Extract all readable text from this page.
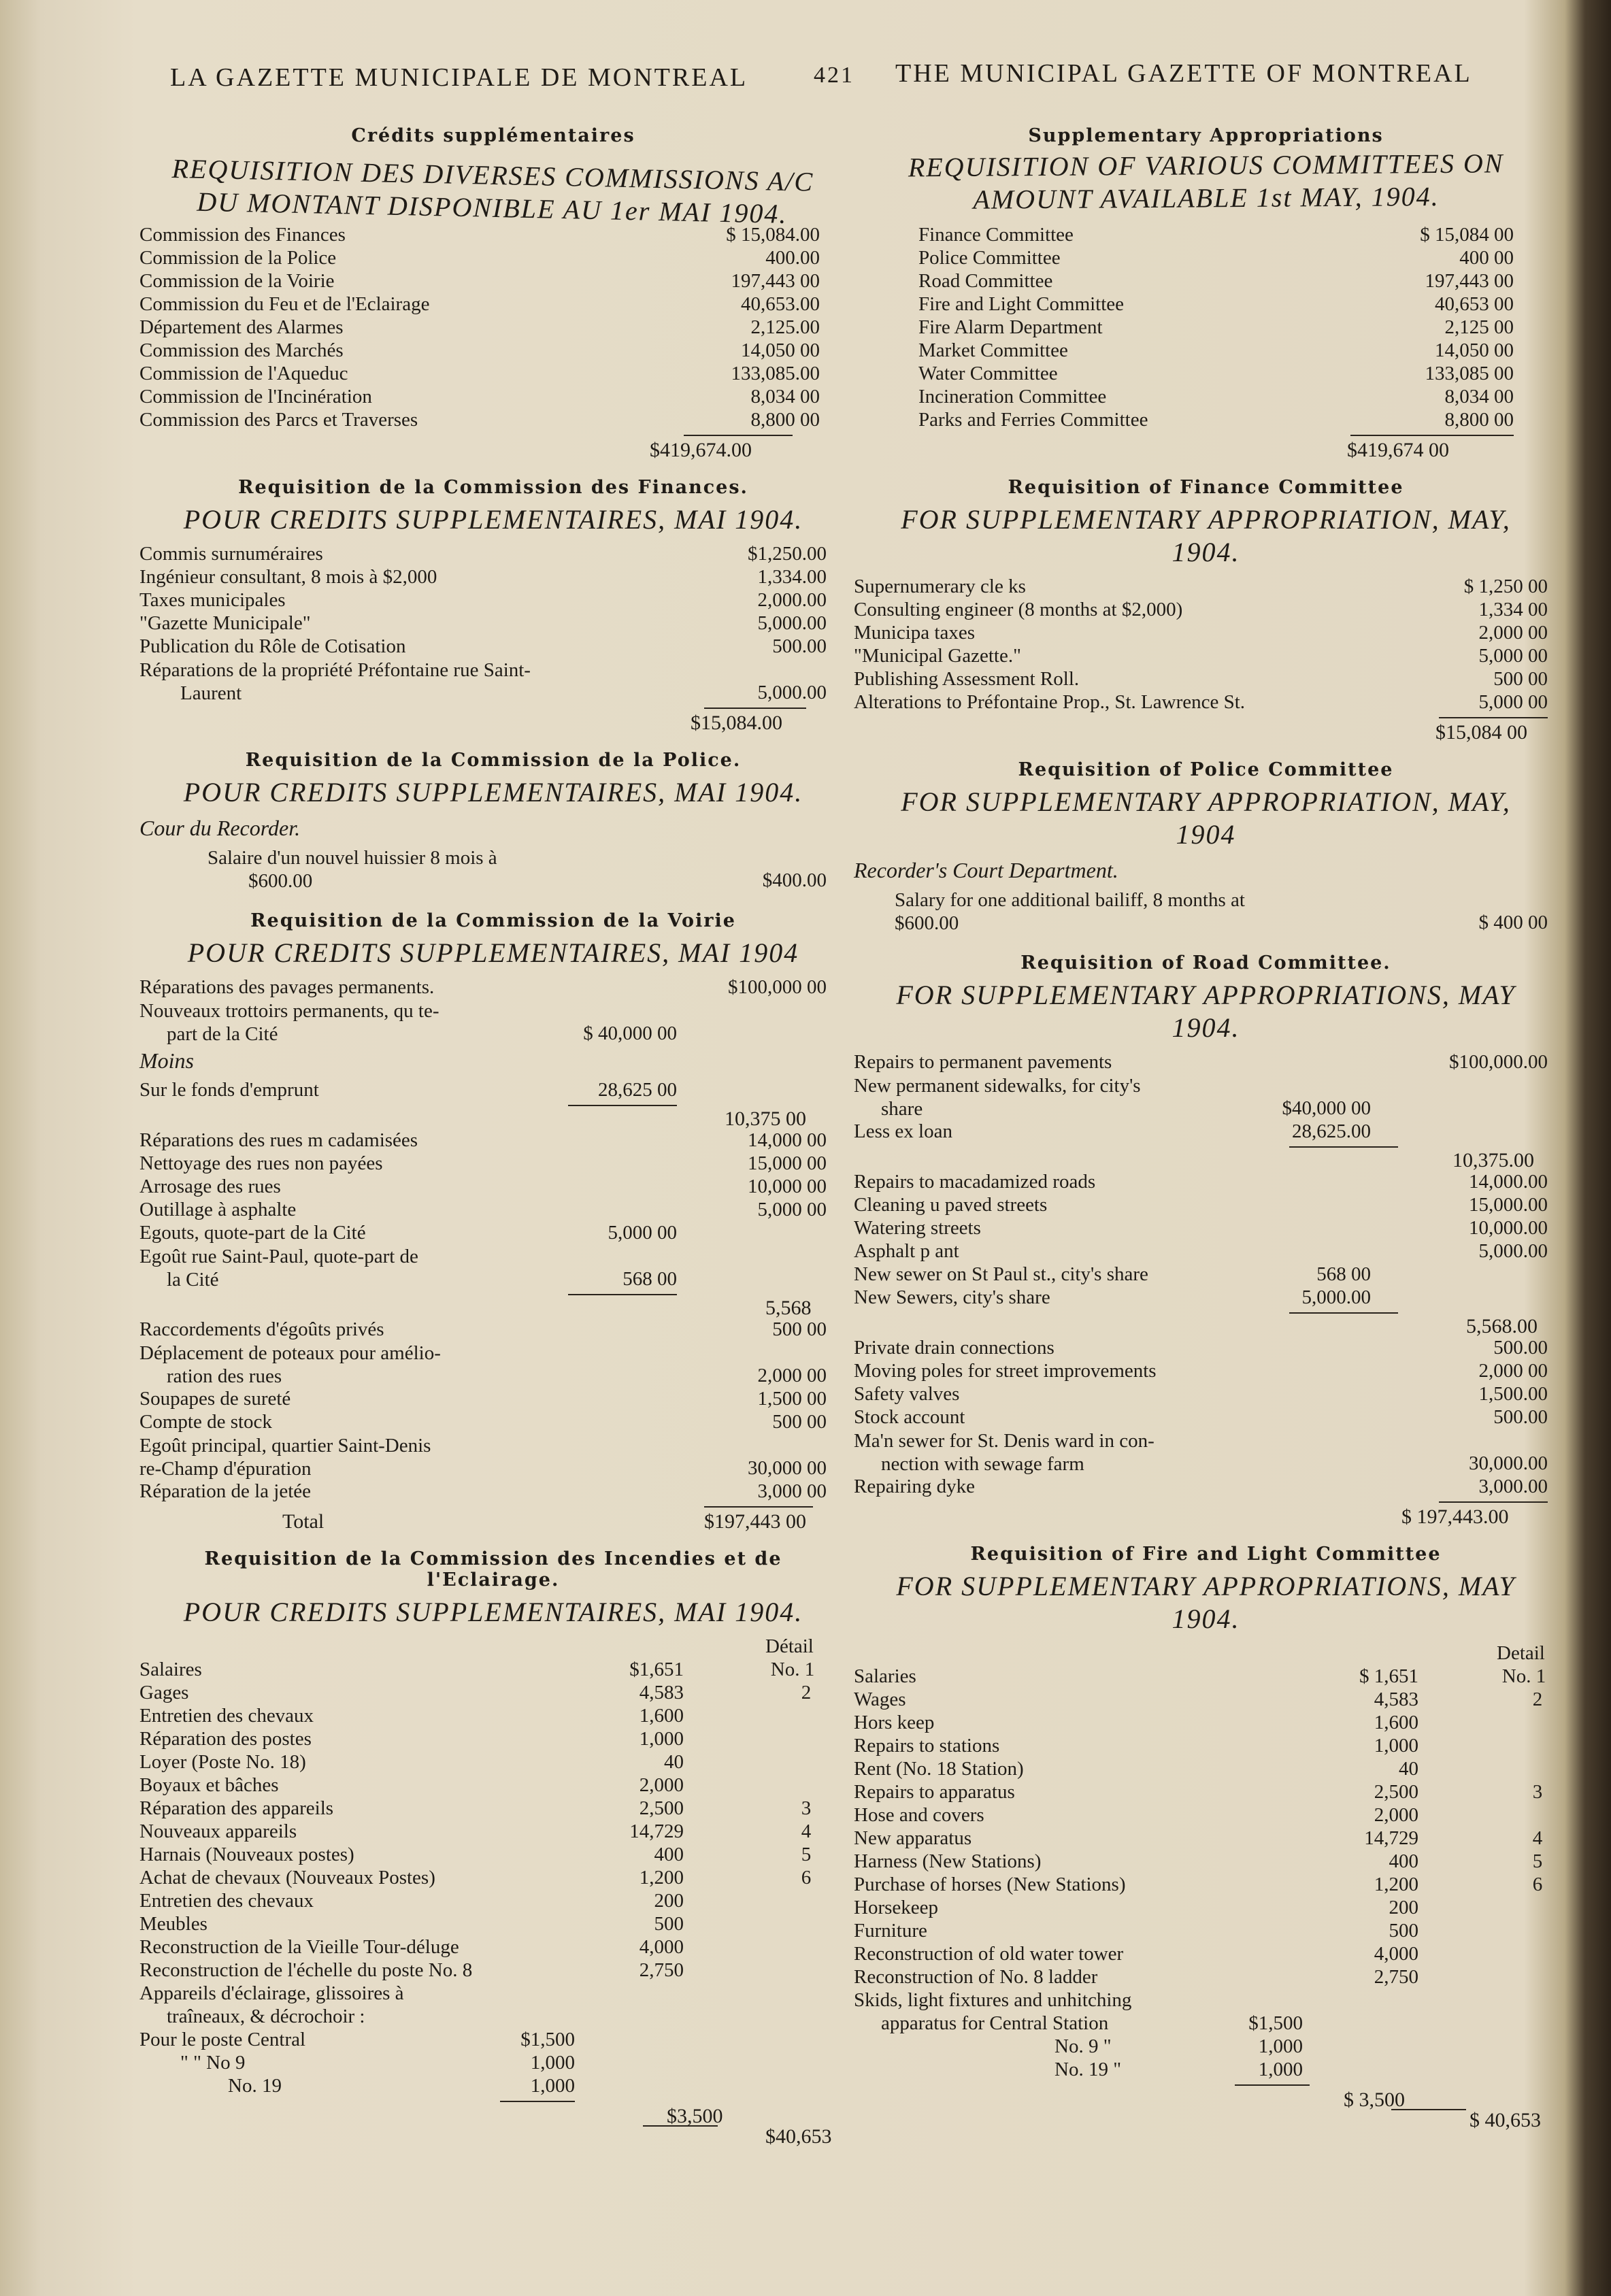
LA GAZETTE MUNICIPALE DE MONTREAL	421 THE MUNICIPAL GAZETTE OF MONTREAL
Crédits supplémentaires
REQUISITION DES DIVERSES COMMISSIONS A/C DU MONTANT DISPONIBLE AU 1er MAI 1904.
Commission des Finances	$ 15,084.00
Commission de la Police	400.00
Commission de la Voirie	197,443 00
Commission du Feu et de l'Eclairage	40,653.00
Département des Alarmes	2,125.00
Commission des Marchés	14,050 00
Commission de l'Aqueduc	133,085.00
Commission de l'Incinération	8,034 00
Commission des Parcs et Traverses	8,800 00
$419,674.00
Requisition de la Commission des Finances.
POUR CREDITS SUPPLEMENTAIRES, MAI 1904.
Commis surnuméraires	$1,250.00
Ingénieur consultant, 8 mois à $2,000	1,334.00
Taxes municipales	2,000.00
"Gazette Municipale"	5,000.00
Publication du Rôle de Cotisation	500.00
Réparations de la propriété Préfontaine rue Saint-
Laurent	5,000.00
$15,084.00
Requisition de la Commission de la Police.
POUR CREDITS SUPPLEMENTAIRES, MAI 1904.
Cour du Recorder.
Salaire d'un nouvel huissier 8 mois à
$600.00	$400.00
Requisition de la Commission de la Voirie
POUR CREDITS SUPPLEMENTAIRES, MAI 1904
Réparations des pavages permanents.	$100,000 00
Nouveaux trottoirs permanents, qu te-
part de la Cité	$ 40,000 00
Moins
Sur le fonds d'emprunt	28,625 00
10,375 00
Réparations des rues m cadamisées	14,000 00
Nettoyage des rues non payées	15,000 00
Arrosage des rues	10,000 00
Outillage à asphalte	5,000 00
Egouts, quote-part de la Cité	5,000 00
Egoût rue Saint-Paul, quote-part de
la Cité	568 00
5,568
Raccordements d'égoûts privés	500 00
Déplacement de poteaux pour amélio-
ration des rues	2,000 00
Soupapes de sureté	1,500 00
Compte de stock	500 00
Egoût principal, quartier Saint-Denis
re-Champ d'épuration	30,000 00
Réparation de la jetée	3,000 00
Total	$197,443 00
Requisition de la Commission des Incendies et de l'Eclairage.
POUR CREDITS SUPPLEMENTAIRES, MAI 1904.
Détail
Salaires	$1,651	No. 1
Gages	4,583	2
Entretien des chevaux	1,600
Réparation des postes	1,000
Loyer (Poste No. 18)	40
Boyaux et bâches	2,000
Réparation des appareils	2,500	3
Nouveaux appareils	14,729	4
Harnais (Nouveaux postes)	400	5
Achat de chevaux (Nouveaux Postes)	1,200	6
Entretien des chevaux	200
Meubles	500
Reconstruction de la Vieille Tour-déluge	4,000
Reconstruction de l'échelle du poste No. 8	2,750
Appareils d'éclairage, glissoires à
traîneaux, & décrochoir :
Pour le poste Central	$1,500
" " No 9	1,000
No. 19	1,000
$3,500
$40,653
Supplementary Appropriations
REQUISITION OF VARIOUS COMMITTEES ON AMOUNT AVAILABLE 1st MAY, 1904.
Finance Committee	$ 15,084 00
Police Committee	400 00
Road Committee	197,443 00
Fire and Light Committee	40,653 00
Fire Alarm Department	2,125 00
Market Committee	14,050 00
Water Committee	133,085 00
Incineration Committee	8,034 00
Parks and Ferries Committee	8,800 00
$419,674 00
Requisition of Finance Committee
FOR SUPPLEMENTARY APPROPRIATION, MAY, 1904.
Supernumerary cle ks	$ 1,250 00
Consulting engineer (8 months at $2,000)	1,334 00
Municipa taxes	2,000 00
"Municipal Gazette."	5,000 00
Publishing Assessment Roll.	500 00
Alterations to Préfontaine Prop., St. Lawrence St.	5,000 00
$15,084 00
Requisition of Police Committee
FOR SUPPLEMENTARY APPROPRIATION, MAY, 1904
Recorder's Court Department.
Salary for one additional bailiff, 8 months at
$600.00	$ 400 00
Requisition of Road Committee.
FOR SUPPLEMENTARY APPROPRIATIONS, MAY 1904.
Repairs to permanent pavements	$100,000.00
New permanent sidewalks, for city's
share	$40,000 00
Less ex loan	28,625.00
10,375.00
Repairs to macadamized roads	14,000.00
Cleaning u paved streets	15,000.00
Watering streets	10,000.00
Asphalt p ant	5,000.00
New sewer on St Paul st., city's share	568 00
New Sewers, city's share	5,000.00
5,568.00
Private drain connections	500.00
Moving poles for street improvements	2,000 00
Safety valves	1,500.00
Stock account	500.00
Ma'n sewer for St. Denis ward in con-
nection with sewage farm	30,000.00
Repairing dyke	3,000.00
$ 197,443.00
Requisition of Fire and Light Committee
FOR SUPPLEMENTARY APPROPRIATIONS, MAY 1904.
Detail
Salaries	$ 1,651	No. 1
Wages	4,583	2
Hors keep	1,600
Repairs to stations	1,000
Rent (No. 18 Station)	40
Repairs to apparatus	2,500	3
Hose and covers	2,000
New apparatus	14,729	4
Harness (New Stations)	400	5
Purchase of horses (New Stations)	1,200	6
Horsekeep	200
Furniture	500
Reconstruction of old water tower	4,000
Reconstruction of No. 8 ladder	2,750
Skids, light fixtures and unhitching
apparatus for Central Station	$1,500
No. 9 "	1,000
No. 19 "	1,000
$ 3,500
$ 40,653
